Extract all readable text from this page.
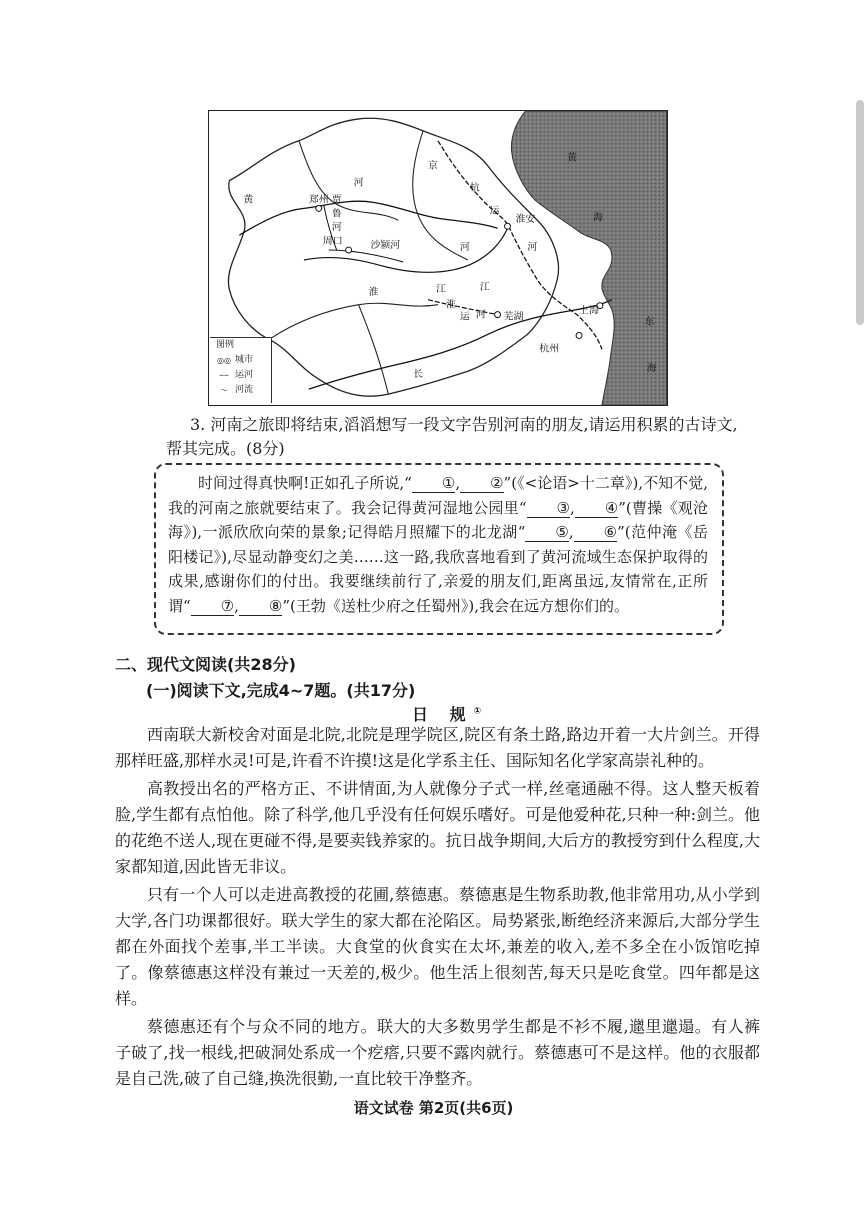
黄
河
京
杭
运
淮安
河
郑州 贾
鲁
河
周口	沙颍河	河
淮	江	江
淮
运 河 芜湖
上海
杭州
长
黄
海
东
海
图例
◎◎ 城市
┄┄ 运河
～ 河流
3. 河南之旅即将结束,滔滔想写一段文字告别河南的朋友,请运用积累的古诗文,
帮其完成。(8分)

时间过得真快啊!正如孔子所说,“ ①, ②”(《<论语>十二章》),不知不觉,我的河南之旅就要结束了。我会记得黄河湿地公园里“ ③, ④”(曹操《观沧海》),一派欣欣向荣的景象;记得皓月照耀下的北龙湖“ ⑤, ⑥”(范仲淹《岳阳楼记》),尽显动静变幻之美……这一路,我欣喜地看到了黄河流域生态保护取得的成果,感谢你们的付出。我要继续前行了,亲爱的朋友们,距离虽远,友情常在,正所谓“ ⑦, ⑧”(王勃《送杜少府之任蜀州》),我会在远方想你们的。

二、现代文阅读(共28分)
(一)阅读下文,完成4~7题。(共17分)
日 规①

西南联大新校舍对面是北院,北院是理学院区,院区有条土路,路边开着一大片剑兰。开得那样旺盛,那样水灵!可是,许看不许摸!这是化学系主任、国际知名化学家高崇礼种的。

高教授出名的严格方正、不讲情面,为人就像分子式一样,丝毫通融不得。这人整天板着脸,学生都有点怕他。除了科学,他几乎没有任何娱乐嗜好。可是他爱种花,只种一种:剑兰。他的花绝不送人,现在更碰不得,是要卖钱养家的。抗日战争期间,大后方的教授穷到什么程度,大家都知道,因此皆无非议。

只有一个人可以走进高教授的花圃,蔡德惠。蔡德惠是生物系助教,他非常用功,从小学到大学,各门功课都很好。联大学生的家大都在沦陷区。局势紧张,断绝经济来源后,大部分学生都在外面找个差事,半工半读。大食堂的伙食实在太坏,兼差的收入,差不多全在小饭馆吃掉了。像蔡德惠这样没有兼过一天差的,极少。他生活上很刻苦,每天只是吃食堂。四年都是这样。

蔡德惠还有个与众不同的地方。联大的大多数男学生都是不衫不履,邋里邋遢。有人裤子破了,找一根线,把破洞处系成一个疙瘩,只要不露肉就行。蔡德惠可不是这样。他的衣服都是自己洗,破了自己缝,换洗很勤,一直比较干净整齐。

语文试卷 第2页(共6页)
